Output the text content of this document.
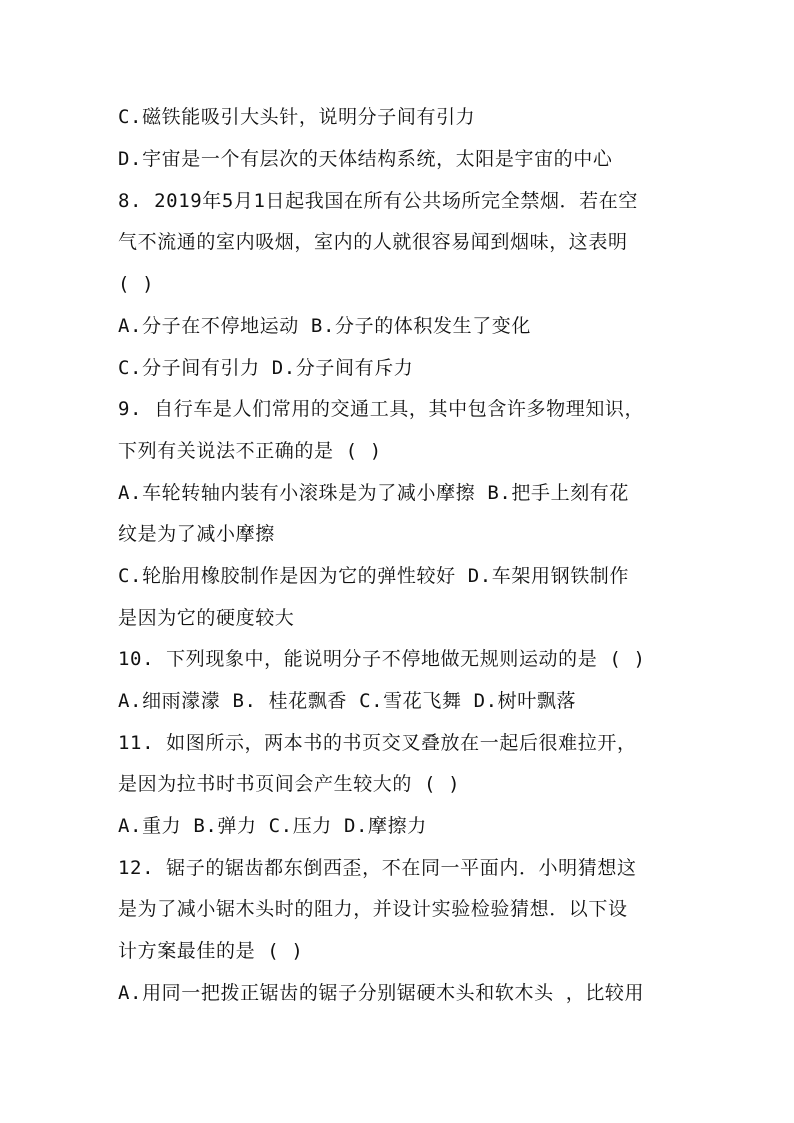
C.磁铁能吸引大头针，说明分子间有引力
D.宇宙是一个有层次的天体结构系统，太阳是宇宙的中心
8. 2019年5月1日起我国在所有公共场所完全禁烟．若在空
气不流通的室内吸烟，室内的人就很容易闻到烟味，这表明
( )
A.分子在不停地运动 B.分子的体积发生了变化
C.分子间有引力 D.分子间有斥力
9. 自行车是人们常用的交通工具，其中包含许多物理知识，
下列有关说法不正确的是 ( )
A.车轮转轴内装有小滚珠是为了减小摩擦 B.把手上刻有花
纹是为了减小摩擦
C.轮胎用橡胶制作是因为它的弹性较好 D.车架用钢铁制作
是因为它的硬度较大
10. 下列现象中，能说明分子不停地做无规则运动的是 ( )
A.细雨濛濛 B. 桂花飘香 C.雪花飞舞 D.树叶飘落
11. 如图所示，两本书的书页交叉叠放在一起后很难拉开，
是因为拉书时书页间会产生较大的 ( )
A.重力 B.弹力 C.压力 D.摩擦力
12. 锯子的锯齿都东倒西歪，不在同一平面内．小明猜想这
是为了减小锯木头时的阻力，并设计实验检验猜想．以下设
计方案最佳的是 ( )
A.用同一把拨正锯齿的锯子分别锯硬木头和软木头 ，比较用
